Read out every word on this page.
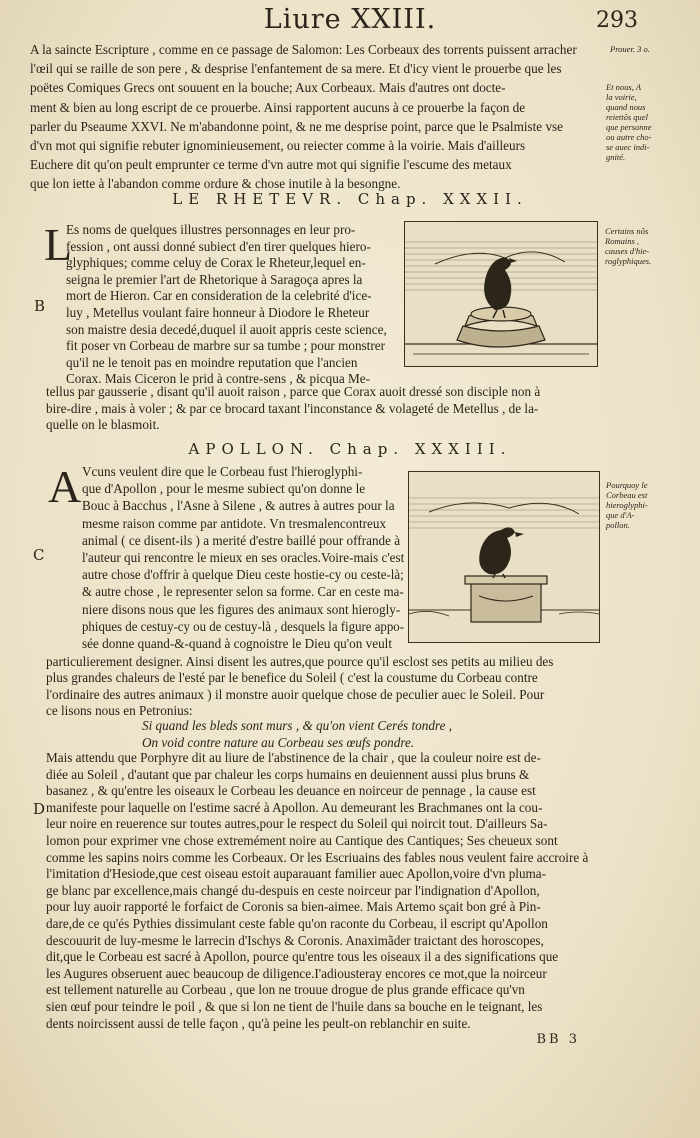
Liure XXIII.	293
A la saincte Escripture , comme en ce passage de Salomon: Les Corbeaux des torrents puissent arracher
l'œil qui se raille de son pere , & desprise l'enfantement de sa mere. Et d'icy vient le prouerbe que les
poëtes Comiques Grecs ont souuent en la bouche; Aux Corbeaux. Mais d'autres ont docte-
ment & bien au long escript de ce prouerbe. Ainsi rapportent aucuns à ce prouerbe la façon de
parler du Pseaume XXVI. Ne m'abandonne point, & ne me desprise point, parce que le Psalmiste vse
d'vn mot qui signifie rebuter ignominieusement, ou reiecter comme à la voirie. Mais d'ailleurs
Euchere dit qu'on peult emprunter ce terme d'vn autre mot qui signifie l'escume des metaux
que lon iette à l'abandon comme ordure & chose inutile à la besongne.
Prouer. 3 o.
Et nous, A
la voirie,
quand nous
reiettõs quel
que personne
ou autre cho-
se auec indi-
gnité.
LE RHETEVR. Chap. XXXII.
L
Es noms de quelques illustres personnages en leur pro-
fession , ont aussi donné subiect d'en tirer quelques hiero-
glyphiques; comme celuy de Corax le Rheteur,lequel en-
seigna le premier l'art de Rhetorique à Saragoça apres la
mort de Hieron. Car en consideration de la celebrité d'ice-
luy , Metellus voulant faire honneur à Diodore le Rheteur
son maistre desia decedé,duquel il auoit appris ceste science,
fit poser vn Corbeau de marbre sur sa tumbe ; pour monstrer
qu'il ne le tenoit pas en moindre reputation que l'ancien
Corax. Mais Ciceron le prid à contre-sens , & picqua Me-
tellus par gausserie , disant qu'il auoit raison , parce que Corax auoit dressé son disciple non à
bire-dire , mais à voler ; & par ce brocard taxant l'inconstance & volageté de Metellus , de la-
quelle on le blasmoit.
B
Certains nõs
Romains ,
causes d'hie-
roglyphiques.
APOLLON. Chap. XXXIII.
A Vcuns veulent dire que le Corbeau fust l'hieroglyphi-
que d'Apollon , pour le mesme subiect qu'on donne le
Bouc à Bacchus , l'Asne à Silene , & autres à autres pour la
mesme raison comme par antidote. Vn tresmalencontreux
animal ( ce disent-ils ) a merité d'estre baillé pour offrande à
l'auteur qui rencontre le mieux en ses oracles.Voire-mais c'est
autre chose d'offrir à quelque Dieu ceste hostie-cy ou ceste-là;
& autre chose , le representer selon sa forme. Car en ceste ma-
niere disons nous que les figures des animaux sont hierogly-
phiques de cestuy-cy ou de cestuy-là , desquels la figure appo-
sée donne quand-&-quand à cognoistre le Dieu qu'on veult
particulierement designer. Ainsi disent les autres,que pource qu'il esclost ses petits au milieu des
plus grandes chaleurs de l'esté par le benefice du Soleil ( c'est la coustume du Corbeau contre
l'ordinaire des autres animaux ) il monstre auoir quelque chose de peculier auec le Soleil. Pour
ce lisons nous en Petronius:
Si quand les bleds sont murs , & qu'on vient Cerés tondre ,
On void contre nature au Corbeau ses œufs pondre.
Mais attendu que Porphyre dit au liure de l'abstinence de la chair , que la couleur noire est de-
diée au Soleil , d'autant que par chaleur les corps humains en deuiennent aussi plus bruns &
basanez , & qu'entre les oiseaux le Corbeau les deuance en noirceur de pennage , la cause est
manifeste pour laquelle on l'estime sacré à Apollon. Au demeurant les Brachmanes ont la cou-
leur noire en reuerence sur toutes autres,pour le respect du Soleil qui noircit tout. D'ailleurs Sa-
lomon pour exprimer vne chose extremément noire au Cantique des Cantiques; Ses cheueux sont
comme les sapins noirs comme les Corbeaux. Or les Escriuains des fables nous veulent faire accroire à
l'imitation d'Hesiode,que cest oiseau estoit auparauant familier auec Apollon,voire d'vn pluma-
ge blanc par excellence,mais changé du-despuis en ceste noirceur par l'indignation d'Apollon,
pour luy auoir rapporté le forfaict de Coronis sa bien-aimee. Mais Artemo sçait bon gré à Pin-
dare,de ce qu'és Pythies dissimulant ceste fable qu'on raconte du Corbeau, il escript qu'Apollon
descouurit de luy-mesme le larrecin d'Ischys & Coronis. Anaximãder traictant des horoscopes,
dit,que le Corbeau est sacré à Apollon, pource qu'entre tous les oiseaux il a des significations que
les Augures obseruent auec beaucoup de diligence.I'adiousteray encores ce mot,que la noirceur
est tellement naturelle au Corbeau , que lon ne trouue drogue de plus grande efficace qu'vn
sien œuf pour teindre le poil , & que si lon ne tient de l'huile dans sa bouche en le teignant, les
dents noircissent aussi de telle façon , qu'à peine les peult-on reblanchir en suite.
C
D
Pourquoy le
Corbeau est
hieroglyphi-
que d'A-
pollon.
BB 3
